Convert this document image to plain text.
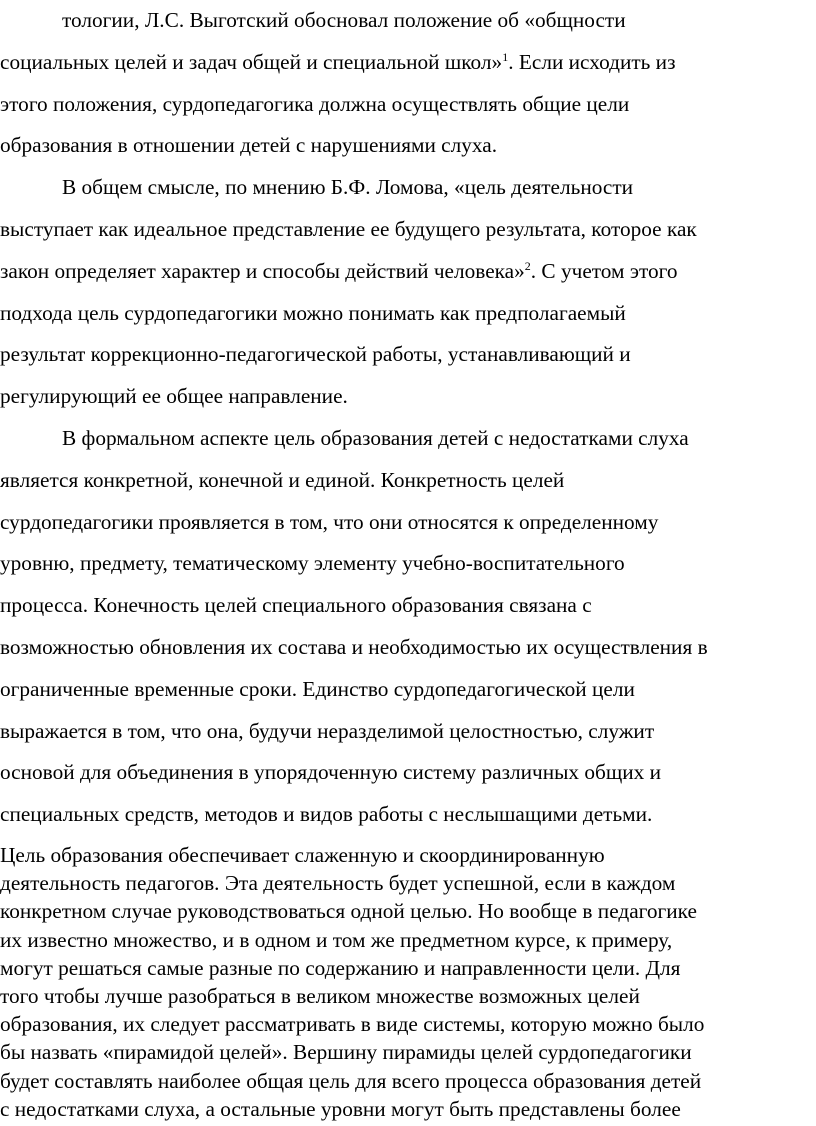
тологии, Л.С. Выготский обосновал положение об «общности
социальных целей и задач общей и специальной школ»$^1$. Если исходить из
этого положения, сурдопедагогика должна осуществлять общие цели
образования в отношении детей с нарушениями слуха.
В общем смысле, по мнению Б.Ф. Ломова, «цель деятельности
выступает как идеальное представление ее будущего результата, которое как
закон определяет характер и способы действий человека»$^2$. С учетом этого
подхода цель сурдопедагогики можно понимать как предполагаемый
результат коррекционно-педагогической работы, устанавливающий и
регулирующий ее общее направление.
В формальном аспекте цель образования детей с недостатками слуха
является конкретной, конечной и единой. Конкретность целей
сурдопедагогики проявляется в том, что они относятся к определенному
уровню, предмету, тематическому элементу учебно-воспитательного
процесса. Конечность целей специального образования связана с
возможностью обновления их состава и необходимостью их осуществления в
ограниченные временные сроки. Единство сурдопедагогической цели
выражается в том, что она, будучи неразделимой целостностью, служит
основой для объединения в упорядоченную систему различных общих и
специальных средств, методов и видов работы с неслышащими детьми.
Цель образования обеспечивает слаженную и скоординированную
деятельность педагогов. Эта деятельность будет успешной, если в каждом
конкретном случае руководствоваться одной целью. Но вообще в педагогике
их известно множество, и в одном и том же предметном курсе, к примеру,
могут решаться самые разные по содержанию и направленности цели. Для
того чтобы лучше разобраться в великом множестве возможных целей
образования, их следует рассматривать в виде системы, которую можно было
бы назвать «пирамидой целей». Вершину пирамиды целей сурдопедагогики
будет составлять наиболее общая цель для всего процесса образования детей
с недостатками слуха, а остальные уровни могут быть представлены более
